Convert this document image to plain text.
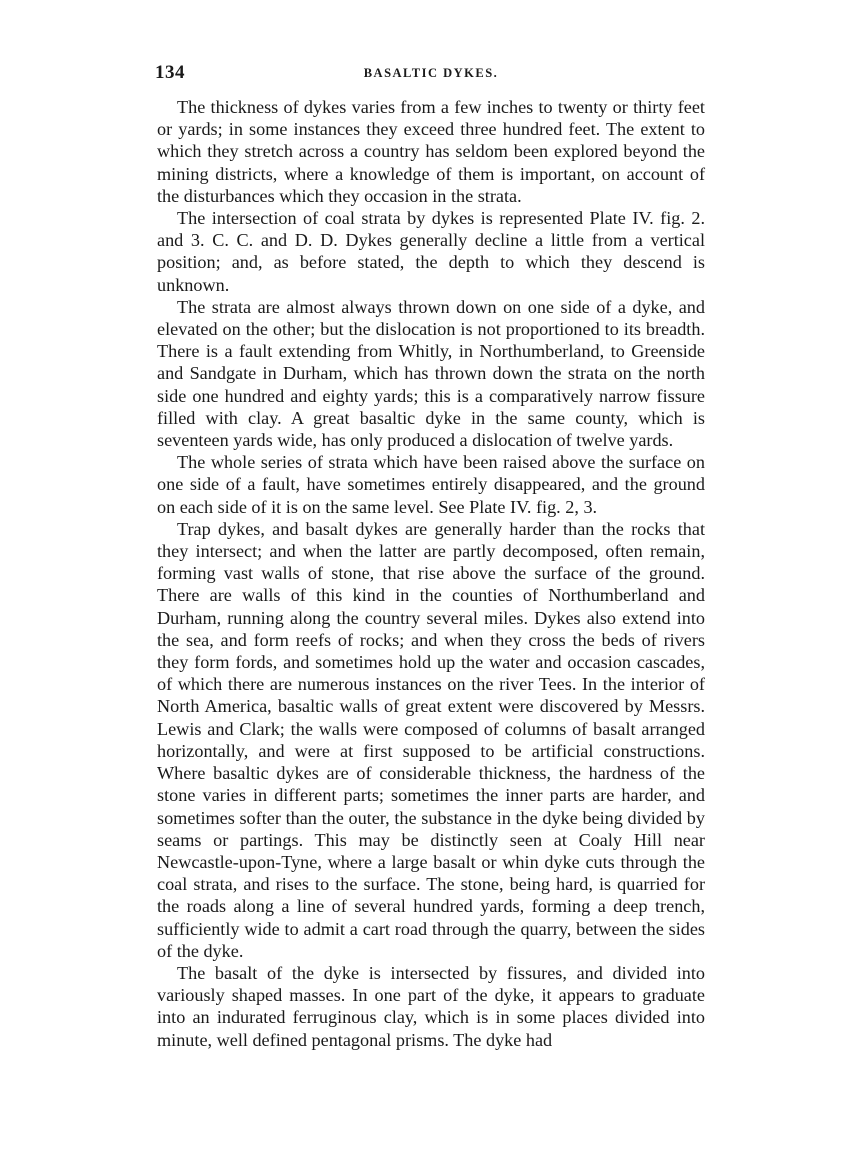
134	BASALTIC DYKES.

The thickness of dykes varies from a few inches to twenty or thirty feet or yards; in some instances they exceed three hundred feet. The extent to which they stretch across a country has seldom been explored beyond the mining districts, where a knowledge of them is important, on account of the disturbances which they occasion in the strata.

The intersection of coal strata by dykes is represented Plate IV. fig. 2. and 3. C. C. and D. D. Dykes generally decline a little from a vertical position; and, as before stated, the depth to which they descend is unknown.

The strata are almost always thrown down on one side of a dyke, and elevated on the other; but the dislocation is not proportioned to its breadth. There is a fault extending from Whitly, in Northumberland, to Greenside and Sandgate in Durham, which has thrown down the strata on the north side one hundred and eighty yards; this is a comparatively narrow fissure filled with clay. A great basaltic dyke in the same county, which is seventeen yards wide, has only produced a dislocation of twelve yards.

The whole series of strata which have been raised above the surface on one side of a fault, have sometimes entirely disappeared, and the ground on each side of it is on the same level. See Plate IV. fig. 2, 3.

Trap dykes, and basalt dykes are generally harder than the rocks that they intersect; and when the latter are partly decomposed, often remain, forming vast walls of stone, that rise above the surface of the ground. There are walls of this kind in the counties of Northumberland and Durham, running along the country several miles. Dykes also extend into the sea, and form reefs of rocks; and when they cross the beds of rivers they form fords, and sometimes hold up the water and occasion cascades, of which there are numerous instances on the river Tees. In the interior of North America, basaltic walls of great extent were discovered by Messrs. Lewis and Clark; the walls were composed of columns of basalt arranged horizontally, and were at first supposed to be artificial constructions. Where basaltic dykes are of considerable thickness, the hardness of the stone varies in different parts; sometimes the inner parts are harder, and sometimes softer than the outer, the substance in the dyke being divided by seams or partings. This may be distinctly seen at Coaly Hill near Newcastle-upon-Tyne, where a large basalt or whin dyke cuts through the coal strata, and rises to the surface. The stone, being hard, is quarried for the roads along a line of several hundred yards, forming a deep trench, sufficiently wide to admit a cart road through the quarry, between the sides of the dyke.

The basalt of the dyke is intersected by fissures, and divided into variously shaped masses. In one part of the dyke, it appears to graduate into an indurated ferruginous clay, which is in some places divided into minute, well defined pentagonal prisms. The dyke had
